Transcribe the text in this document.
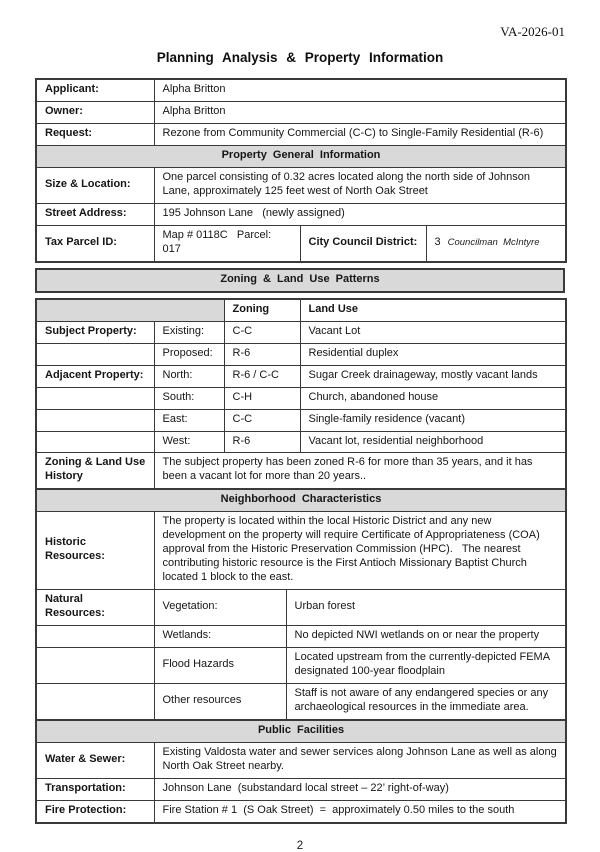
VA-2026-01
Planning Analysis & Property Information
Applicant:	Alpha Britton		
Owner:	Alpha Britton		
Request:	Rezone from Community Commercial (C-C) to Single-Family Residential (R-6)		
Property General Information			
Size & Location:	One parcel consisting of 0.32 acres located along the north side of Johnson Lane, approximately 125 feet west of North Oak Street		
Street Address:	195 Johnson Lane   (newly assigned)		
Tax Parcel ID:	Map # 0118C   Parcel: 017	City Council District:	3 Councilman  McIntyre
Zoning & Land Use Patterns
		Zoning	Land Use
Subject Property:	Existing:	C-C	Vacant Lot
	Proposed:	R-6	Residential duplex
Adjacent Property:	North:	R-6 / C-C	Sugar Creek drainageway, mostly vacant lands
	South:	C-H	Church, abandoned house
	East:	C-C	Single-family residence (vacant)
	West:	R-6	Vacant lot, residential neighborhood
Zoning & Land Use History	The subject property has been zoned R-6 for more than 35 years, and it has been a vacant lot for more than 20 years..		
Neighborhood Characteristics		
Historic Resources:	The property is located within the local Historic District and any new development on the property will require Certificate of Appropriateness (COA) approval from the Historic Preservation Commission (HPC).   The nearest contributing historic resource is the First Antioch Missionary Baptist Church located 1 block to the east.	
Natural Resources:	Vegetation:	Urban forest
	Wetlands:	No depicted NWI wetlands on or near the property
	Flood Hazards	Located upstream from the currently-depicted FEMA designated 100-year floodplain
	Other resources	Staff is not aware of any endangered species or any archaeological resources in the immediate area.
Public Facilities	
Water & Sewer:	Existing Valdosta water and sewer services along Johnson Lane as well as along North Oak Street nearby.
Transportation:	Johnson Lane  (substandard local street – 22’ right-of-way)
Fire Protection:	Fire Station # 1  (S Oak Street)  =  approximately 0.50 miles to the south
2
